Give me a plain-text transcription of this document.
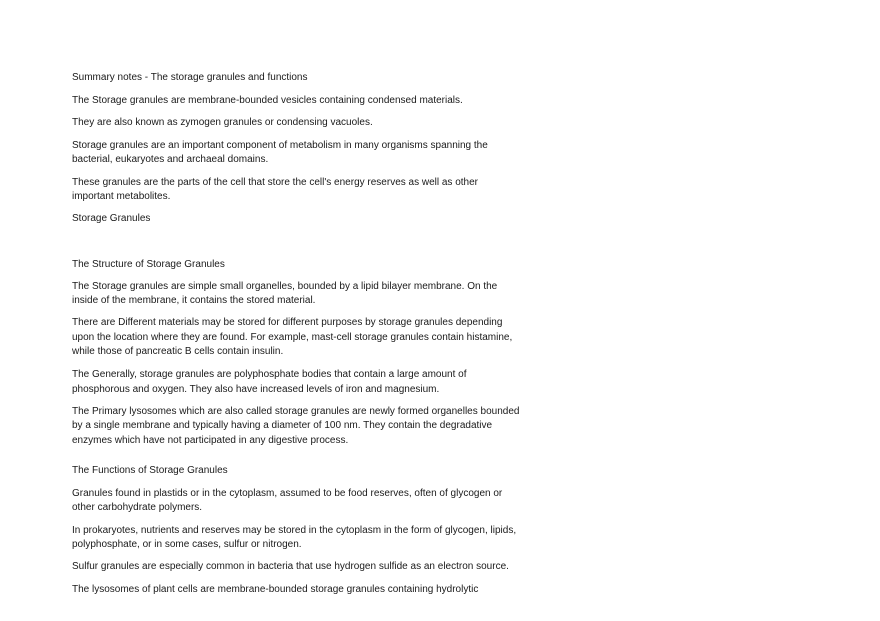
Summary notes - The storage granules and functions
The Storage granules are membrane-bounded vesicles containing condensed materials.
They are also known as zymogen granules or condensing vacuoles.
Storage granules are an important component of metabolism in many organisms spanning the
bacterial, eukaryotes and archaeal domains.
These granules are the parts of the cell that store the cell's energy reserves as well as other
important metabolites.
Storage Granules
The Structure of Storage Granules
The Storage granules are simple small organelles, bounded by a lipid bilayer membrane. On the
inside of the membrane, it contains the stored material.
There are Different materials may be stored for different purposes by storage granules depending
upon the location where they are found. For example, mast-cell storage granules contain histamine,
while those of pancreatic B cells contain insulin.
The Generally, storage granules are polyphosphate bodies that contain a large amount of
phosphorous and oxygen. They also have increased levels of iron and magnesium.
The Primary lysosomes which are also called storage granules are newly formed organelles bounded
by a single membrane and typically having a diameter of 100 nm. They contain the degradative
enzymes which have not participated in any digestive process.
The Functions of Storage Granules
Granules found in plastids or in the cytoplasm, assumed to be food reserves, often of glycogen or
other carbohydrate polymers.
In prokaryotes, nutrients and reserves may be stored in the cytoplasm in the form of glycogen, lipids,
polyphosphate, or in some cases, sulfur or nitrogen.
Sulfur granules are especially common in bacteria that use hydrogen sulfide as an electron source.
The lysosomes of plant cells are membrane-bounded storage granules containing hydrolytic
